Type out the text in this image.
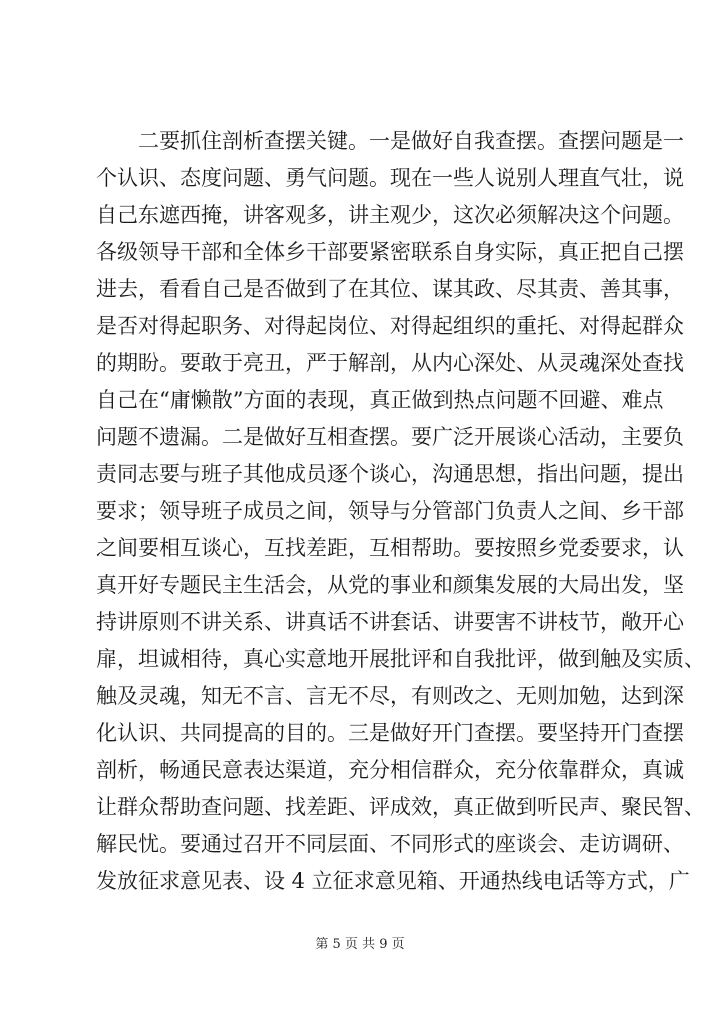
　　二要抓住剖析查摆关键。一是做好自我查摆。查摆问题是一
个认识、态度问题、勇气问题。现在一些人说别人理直气壮，说
自己东遮西掩，讲客观多，讲主观少，这次必须解决这个问题。
各级领导干部和全体乡干部要紧密联系自身实际，真正把自己摆
进去，看看自己是否做到了在其位、谋其政、尽其责、善其事，
是否对得起职务、对得起岗位、对得起组织的重托、对得起群众
的期盼。要敢于亮丑，严于解剖，从内心深处、从灵魂深处查找
自己在“庸懒散”方面的表现，真正做到热点问题不回避、难点
问题不遗漏。二是做好互相查摆。要广泛开展谈心活动，主要负
责同志要与班子其他成员逐个谈心，沟通思想，指出问题，提出
要求；领导班子成员之间，领导与分管部门负责人之间、乡干部
之间要相互谈心，互找差距，互相帮助。要按照乡党委要求，认
真开好专题民主生活会，从党的事业和颜集发展的大局出发，坚
持讲原则不讲关系、讲真话不讲套话、讲要害不讲枝节，敞开心
扉，坦诚相待，真心实意地开展批评和自我批评，做到触及实质、
触及灵魂，知无不言、言无不尽，有则改之、无则加勉，达到深
化认识、共同提高的目的。三是做好开门查摆。要坚持开门查摆
剖析，畅通民意表达渠道，充分相信群众，充分依靠群众，真诚
让群众帮助查问题、找差距、评成效，真正做到听民声、聚民智、
解民忧。要通过召开不同层面、不同形式的座谈会、走访调研、
发放征求意见表、设 4 立征求意见箱、开通热线电话等方式，广
第 5 页 共 9 页
